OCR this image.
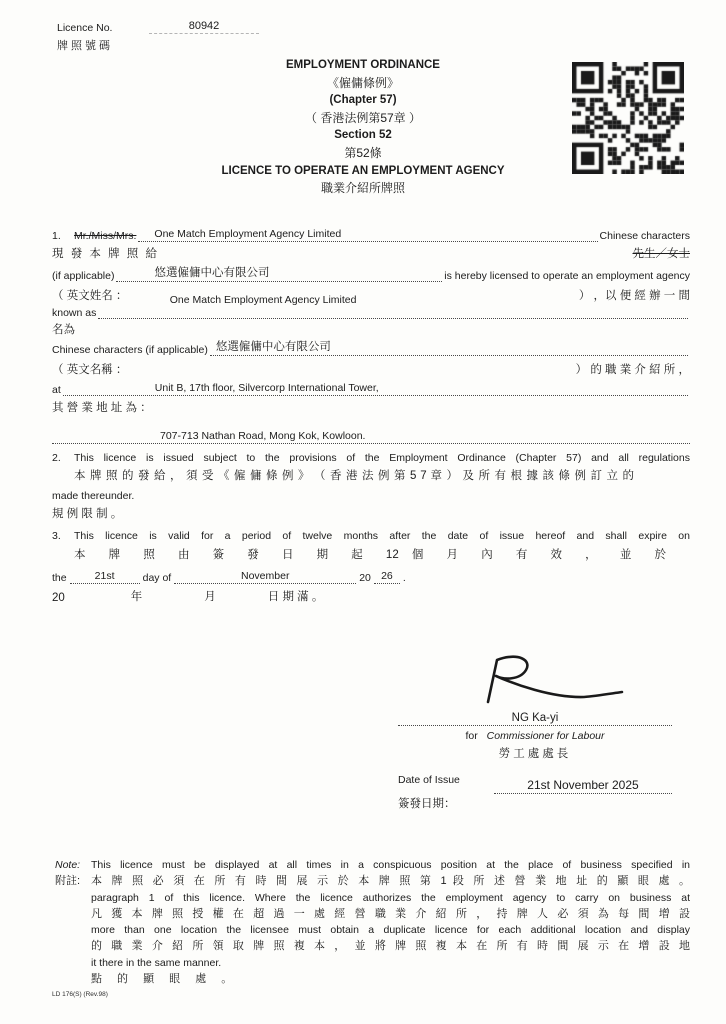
Licence No.	80942
牌照號碼
EMPLOYMENT ORDINANCE
《僱傭條例》
(Chapter 57)
（ 香港法例第57章 ）
Section 52
第52條
LICENCE TO OPERATE AN EMPLOYMENT AGENCY
職業介紹所牌照
1.	Mr./Miss/Mrs. One Match Employment Agency Limited	Chinese characters
現 發 本 牌 照 給	先生／女士
(if applicable)	悠選僱傭中心有限公司	is hereby licensed to operate an employment agency
（ 英文姓名 ：	One Match Employment Agency Limited	） ，以 便 經 辦 一 間
known as
名為
Chinese characters (if applicable) 悠選僱傭中心有限公司
（ 英文名稱 ：	） 的 職 業 介 紹 所 ，
at	Unit B, 17th floor, Silvercorp International Tower,
其 營 業 地 址 為 ：
707-713 Nathan Road, Mong Kok, Kowloon.
2.	This licence is issued subject to the provisions of the Employment Ordinance (Chapter 57) and all regulations
本 牌 照 的 發 給 ， 須 受 《 僱 傭 條 例 》 （ 香 港 法 例 第 5 7 章 ） 及 所 有 根 據 該 條 例 訂 立 的
made thereunder.
規 例 限 制 。
3.	This licence is valid for a period of twelve months after the date of issue hereof and shall expire on
本 牌 照 由 簽 發 日 期 起 12 個 月 內 有 效 ， 並 於
the	21st	day of	November	20 26 .
20	年	月	日 期 滿 。
NG Ka-yi
for Commissioner for Labour
勞工處處長
Date of Issue
簽發日期：
21st November 2025
Note:
附註:
This licence must be displayed at all times in a conspicuous position at the place of business specified in
本 牌 照 必 須 在 所 有 時 間 展 示 於 本 牌 照 第 1 段 所 述 營 業 地 址 的 顯 眼 處 。
paragraph 1 of this licence. Where the licence authorizes the employment agency to carry on business at
凡 獲 本 牌 照 授 權 在 超 過 一 處 經 營 職 業 介 紹 所 ， 持 牌 人 必 須 為 每 間 增 設
more than one location the licensee must obtain a duplicate licence for each additional location and display
的 職 業 介 紹 所 領 取 牌 照 複 本 ， 並 將 牌 照 複 本 在 所 有 時 間 展 示 在 增 設 地
it there in the same manner.
點 的 顯 眼 處 。
LD 176(S) (Rev.98)
